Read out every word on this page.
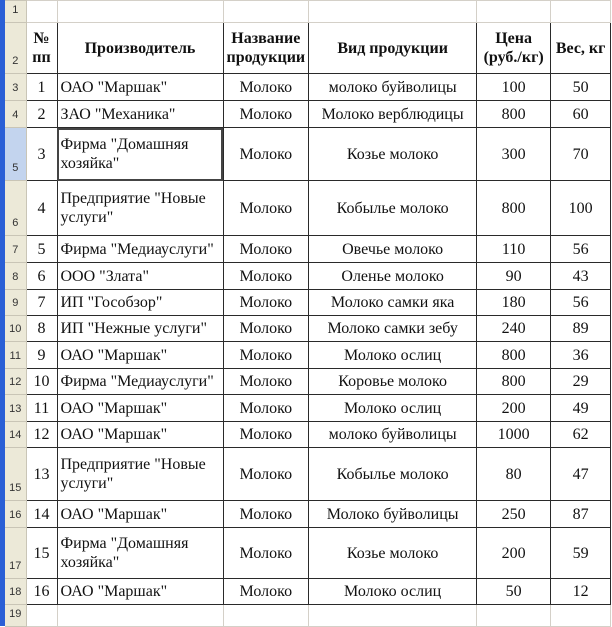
1						
2	№ пп	Производитель	Название продукции	Вид продукции	Цена (руб./кг)	Вес, кг
3	1	ОАО "Маршак"	Молоко	молоко буйволицы	100	50
4	2	ЗАО "Механика"	Молоко	Молоко верблюдицы	800	60
5	3	Фирма "Домашняя хозяйка"	Молоко	Козье молоко	300	70
6	4	Предприятие "Новые услуги"	Молоко	Кобылье молоко	800	100
7	5	Фирма "Медиауслуги"	Молоко	Овечье молоко	110	56
8	6	ООО "Злата"	Молоко	Оленье молоко	90	43
9	7	ИП "Гособзор"	Молоко	Молоко самки яка	180	56
10	8	ИП "Нежные услуги"	Молоко	Молоко самки зебу	240	89
11	9	ОАО "Маршак"	Молоко	Молоко ослиц	800	36
12	10	Фирма "Медиауслуги"	Молоко	Коровье молоко	800	29
13	11	ОАО "Маршак"	Молоко	Молоко ослиц	200	49
14	12	ОАО "Маршак"	Молоко	молоко буйволицы	1000	62
15	13	Предприятие "Новые услуги"	Молоко	Кобылье молоко	80	47
16	14	ОАО "Маршак"	Молоко	Молоко буйволицы	250	87
17	15	Фирма "Домашняя хозяйка"	Молоко	Козье молоко	200	59
18	16	ОАО "Маршак"	Молоко	Молоко ослиц	50	12
19						
